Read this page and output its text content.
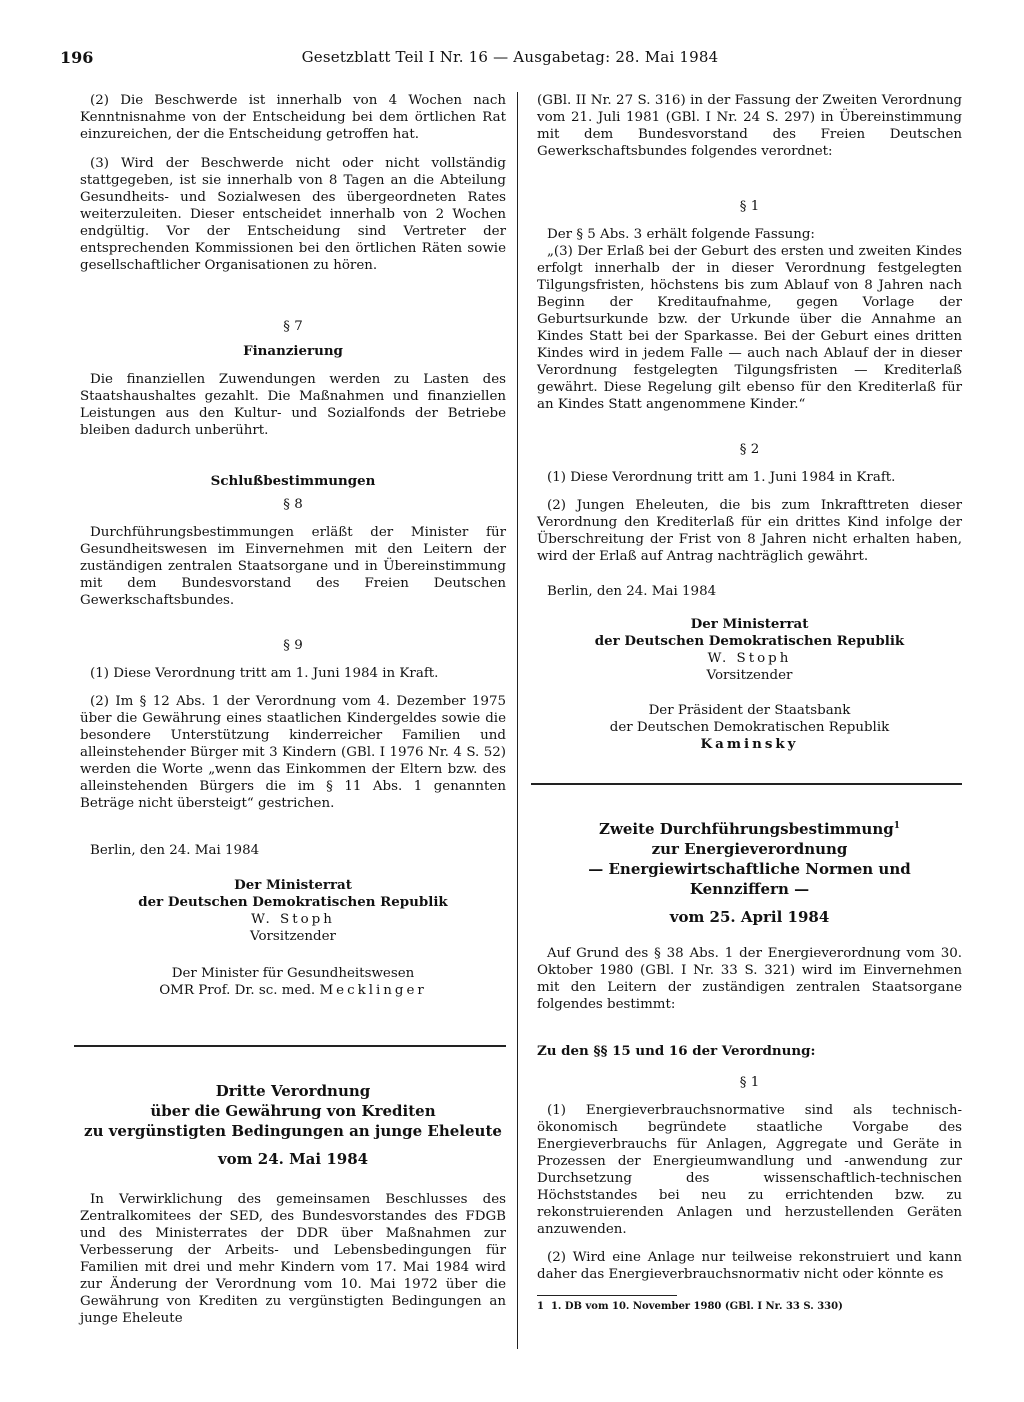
196	Gesetzblatt Teil I Nr. 16 — Ausgabetag: 28. Mai 1984

(2) Die Beschwerde ist innerhalb von 4 Wochen nach Kenntnisnahme von der Entscheidung bei dem örtlichen Rat einzureichen, der die Entscheidung getroffen hat.

(3) Wird der Beschwerde nicht oder nicht vollständig stattgegeben, ist sie innerhalb von 8 Tagen an die Abteilung Gesundheits- und Sozialwesen des übergeordneten Rates weiterzuleiten. Dieser entscheidet innerhalb von 2 Wochen endgültig. Vor der Entscheidung sind Vertreter der entsprechenden Kommissionen bei den örtlichen Räten sowie gesellschaftlicher Organisationen zu hören.

§ 7

Finanzierung

Die finanziellen Zuwendungen werden zu Lasten des Staatshaushaltes gezahlt. Die Maßnahmen und finanziellen Leistungen aus den Kultur- und Sozialfonds der Betriebe bleiben dadurch unberührt.

Schlußbestimmungen

§ 8

Durchführungsbestimmungen erläßt der Minister für Gesundheitswesen im Einvernehmen mit den Leitern der zuständigen zentralen Staatsorgane und in Übereinstimmung mit dem Bundesvorstand des Freien Deutschen Gewerkschaftsbundes.

§ 9

(1) Diese Verordnung tritt am 1. Juni 1984 in Kraft.

(2) Im § 12 Abs. 1 der Verordnung vom 4. Dezember 1975 über die Gewährung eines staatlichen Kindergeldes sowie die besondere Unterstützung kinderreicher Familien und alleinstehender Bürger mit 3 Kindern (GBl. I 1976 Nr. 4 S. 52) werden die Worte „wenn das Einkommen der Eltern bzw. des alleinstehenden Bürgers die im § 11 Abs. 1 genannten Beträge nicht übersteigt“ gestrichen.

Berlin, den 24. Mai 1984

Der Ministerrat

der Deutschen Demokratischen Republik

W. Stoph

Vorsitzender

Der Minister für Gesundheitswesen

OMR Prof. Dr. sc. med. Mecklinger

Dritte Verordnung

über die Gewährung von Krediten

zu vergünstigten Bedingungen an junge Eheleute

vom 24. Mai 1984

In Verwirklichung des gemeinsamen Beschlusses des Zentralkomitees der SED, des Bundesvorstandes des FDGB und des Ministerrates der DDR über Maßnahmen zur Verbesserung der Arbeits- und Lebensbedingungen für Familien mit drei und mehr Kindern vom 17. Mai 1984 wird zur Änderung der Verordnung vom 10. Mai 1972 über die Gewährung von Krediten zu vergünstigten Bedingungen an junge Eheleute

(GBl. II Nr. 27 S. 316) in der Fassung der Zweiten Verordnung vom 21. Juli 1981 (GBl. I Nr. 24 S. 297) in Übereinstimmung mit dem Bundesvorstand des Freien Deutschen Gewerkschaftsbundes folgendes verordnet:

§ 1

Der § 5 Abs. 3 erhält folgende Fassung:

„(3) Der Erlaß bei der Geburt des ersten und zweiten Kindes erfolgt innerhalb der in dieser Verordnung festgelegten Tilgungsfristen, höchstens bis zum Ablauf von 8 Jahren nach Beginn der Kreditaufnahme, gegen Vorlage der Geburtsurkunde bzw. der Urkunde über die Annahme an Kindes Statt bei der Sparkasse. Bei der Geburt eines dritten Kindes wird in jedem Falle — auch nach Ablauf der in dieser Verordnung festgelegten Tilgungsfristen — Krediterlaß gewährt. Diese Regelung gilt ebenso für den Krediterlaß für an Kindes Statt angenommene Kinder.“

§ 2

(1) Diese Verordnung tritt am 1. Juni 1984 in Kraft.

(2) Jungen Eheleuten, die bis zum Inkrafttreten dieser Verordnung den Krediterlaß für ein drittes Kind infolge der Überschreitung der Frist von 8 Jahren nicht erhalten haben, wird der Erlaß auf Antrag nachträglich gewährt.

Berlin, den 24. Mai 1984

Der Ministerrat

der Deutschen Demokratischen Republik

W. Stoph

Vorsitzender

Der Präsident der Staatsbank

der Deutschen Demokratischen Republik

Kaminsky

Zweite Durchführungsbestimmung$^1$

zur Energieverordnung

— Energiewirtschaftliche Normen und Kennziffern —

vom 25. April 1984

Auf Grund des § 38 Abs. 1 der Energieverordnung vom 30. Oktober 1980 (GBl. I Nr. 33 S. 321) wird im Einvernehmen mit den Leitern der zuständigen zentralen Staatsorgane folgendes bestimmt:

Zu den §§ 15 und 16 der Verordnung:

§ 1

(1) Energieverbrauchsnormative sind als technisch-ökonomisch begründete staatliche Vorgabe des Energieverbrauchs für Anlagen, Aggregate und Geräte in Prozessen der Energieumwandlung und -anwendung zur Durchsetzung des wissenschaftlich-technischen Höchststandes bei neu zu errichtenden bzw. zu rekonstruierenden Anlagen und herzustellenden Geräten anzuwenden.

(2) Wird eine Anlage nur teilweise rekonstruiert und kann daher das Energieverbrauchsnormativ nicht oder könnte es

1 1. DB vom 10. November 1980 (GBl. I Nr. 33 S. 330)
